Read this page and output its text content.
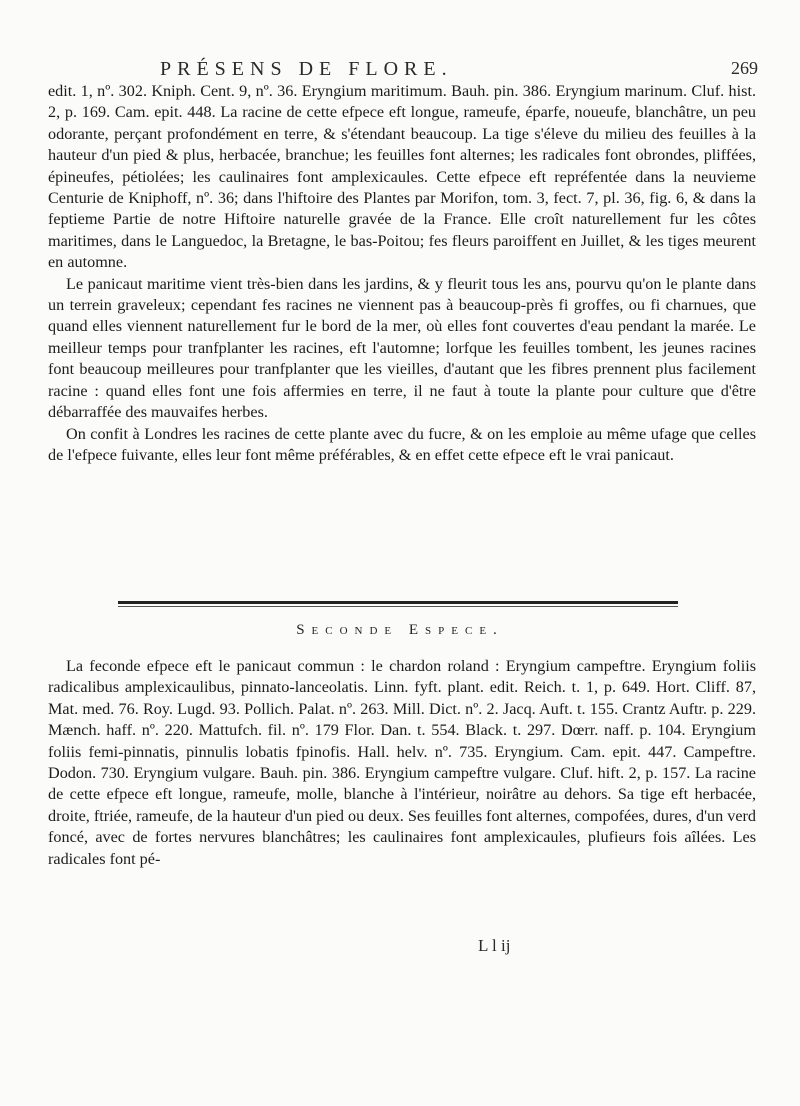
PRÉSENS DE FLORE.	269

edit. 1, nº. 302. Kniph. Cent. 9, nº. 36. Eryngium maritimum. Bauh. pin. 386. Eryngium marinum. Cluf. hist. 2, p. 169. Cam. epit. 448. La racine de cette efpece eft longue, rameufe, éparfe, noueufe, blanchâtre, un peu odorante, perçant profondément en terre, & s'étendant beaucoup. La tige s'éleve du milieu des feuilles à la hauteur d'un pied & plus, herbacée, branchue; les feuilles font alternes; les radicales font obrondes, pliffées, épineufes, pétiolées; les caulinaires font amplexicaules. Cette efpece eft repréfentée dans la neuvieme Centurie de Kniphoff, nº. 36; dans l'hiftoire des Plantes par Morifon, tom. 3, fect. 7, pl. 36, fig. 6, & dans la feptieme Partie de notre Hiftoire naturelle gravée de la France. Elle croît naturellement fur les côtes maritimes, dans le Languedoc, la Bretagne, le bas-Poitou; fes fleurs paroiffent en Juillet, & les tiges meurent en automne.

Le panicaut maritime vient très-bien dans les jardins, & y fleurit tous les ans, pourvu qu'on le plante dans un terrein graveleux; cependant fes racines ne viennent pas à beaucoup-près fi groffes, ou fi charnues, que quand elles viennent naturellement fur le bord de la mer, où elles font couvertes d'eau pendant la marée. Le meilleur temps pour tranfplanter les racines, eft l'automne; lorfque les feuilles tombent, les jeunes racines font beaucoup meilleures pour tranfplanter que les vieilles, d'autant que les fibres prennent plus facilement racine : quand elles font une fois affermies en terre, il ne faut à toute la plante pour culture que d'être débarraffée des mauvaifes herbes.

On confit à Londres les racines de cette plante avec du fucre, & on les emploie au même ufage que celles de l'efpece fuivante, elles leur font même préférables, & en effet cette efpece eft le vrai panicaut.

Seconde Espece.

La feconde efpece eft le panicaut commun : le chardon roland : Eryngium campeftre. Eryngium foliis radicalibus amplexicaulibus, pinnato-lanceolatis. Linn. fyft. plant. edit. Reich. t. 1, p. 649. Hort. Cliff. 87, Mat. med. 76. Roy. Lugd. 93. Pollich. Palat. nº. 263. Mill. Dict. nº. 2. Jacq. Auft. t. 155. Crantz Auftr. p. 229. Mænch. haff. nº. 220. Mattufch. fil. nº. 179 Flor. Dan. t. 554. Black. t. 297. Dœrr. naff. p. 104. Eryngium foliis femi-pinnatis, pinnulis lobatis fpinofis. Hall. helv. nº. 735. Eryngium. Cam. epit. 447. Campeftre. Dodon. 730. Eryngium vulgare. Bauh. pin. 386. Eryngium campeftre vulgare. Cluf. hift. 2, p. 157. La racine de cette efpece eft longue, rameufe, molle, blanche à l'intérieur, noirâtre au dehors. Sa tige eft herbacée, droite, ftriée, rameufe, de la hauteur d'un pied ou deux. Ses feuilles font alternes, compofées, dures, d'un verd foncé, avec de fortes nervures blanchâtres; les caulinaires font amplexicaules, plufieurs fois aîlées. Les radicales font pé-

L l ij
